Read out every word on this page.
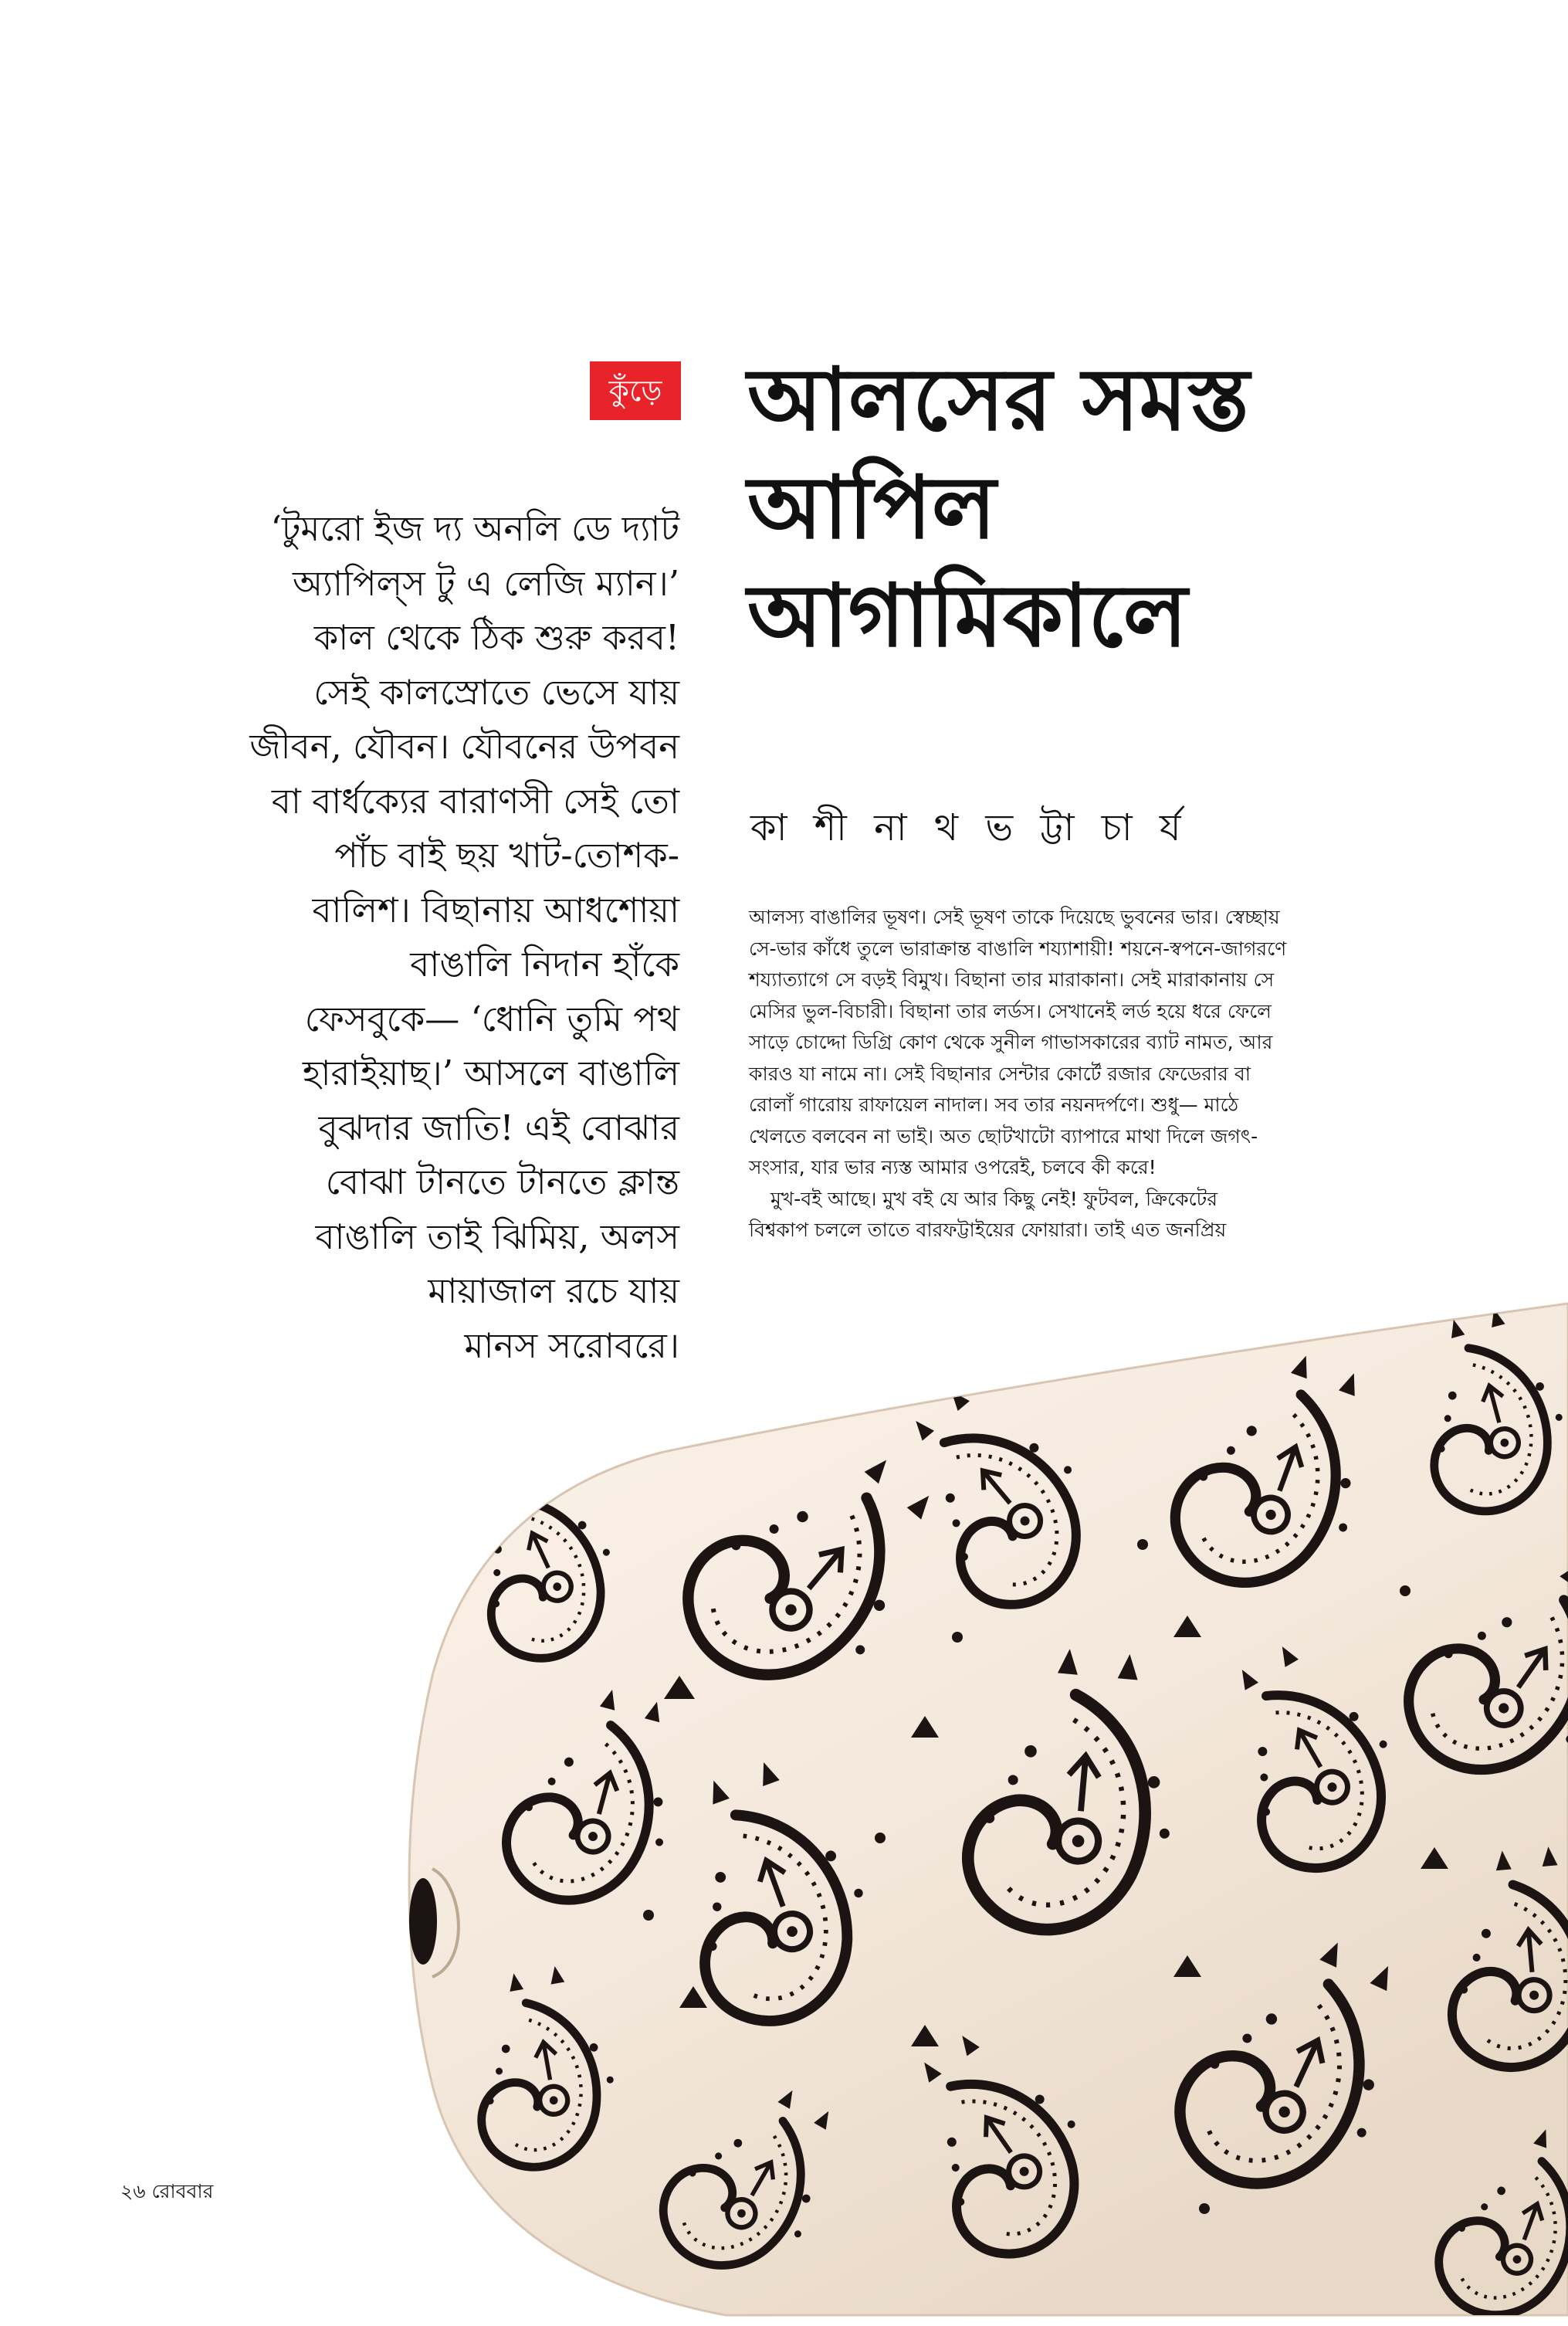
কুঁড়ে আলসের সমস্ত
আপিল
আগামিকালে
কা শী না থ ভ ট্টা চা র্য
‘টুমরো ইজ দ্য অনলি ডে দ্যাট
অ্যাপিল্‌স টু এ লেজি ম্যান।’
কাল থেকে ঠিক শুরু করব!
সেই কালস্রোতে ভেসে যায়
জীবন, যৌবন। যৌবনের উপবন
বা বার্ধক্যের বারাণসী সেই তো
পাঁচ বাই ছয় খাট-তোশক-
বালিশ। বিছানায় আধশোয়া
বাঙালি নিদান হাঁকে
ফেসবুকে— ‘ধোনি তুমি পথ
হারাইয়াছ।’ আসলে বাঙালি
বুঝদার জাতি! এই বোঝার
বোঝা টানতে টানতে ক্লান্ত
বাঙালি তাই ঝিমিয়, অলস
মায়াজাল রচে যায়
মানস সরোবরে।
আলস্য বাঙালির ভূষণ। সেই ভূষণ তাকে দিয়েছে ভুবনের ভার। স্বেচ্ছায়
সে-ভার কাঁধে তুলে ভারাক্রান্ত বাঙালি শয্যাশায়ী! শয়নে-স্বপনে-জাগরণে
শয্যাত্যাগে সে বড়ই বিমুখ। বিছানা তার মারাকানা। সেই মারাকানায় সে
মেসির ভুল-বিচারী। বিছানা তার লর্ডস। সেখানেই লর্ড হয়ে ধরে ফেলে
সাড়ে চোদ্দো ডিগ্রি কোণ থেকে সুনীল গাভাসকারের ব্যাট নামত, আর
কারও যা নামে না। সেই বিছানার সেন্টার কোর্টে রজার ফেডেরার বা
রোলাঁ গারোয় রাফায়েল নাদাল। সব তার নয়নদর্পণে। শুধু— মাঠে
খেলতে বলবেন না ভাই। অত ছোটখাটো ব্যাপারে মাথা দিলে জগৎ-
সংসার, যার ভার ন্যস্ত আমার ওপরেই, চলবে কী করে!
মুখ-বই আছে। মুখ বই যে আর কিছু নেই! ফুটবল, ক্রিকেটের
বিশ্বকাপ চললে তাতে বারফট্টাইয়ের ফোয়ারা। তাই এত জনপ্রিয়
২৬ রোববার
